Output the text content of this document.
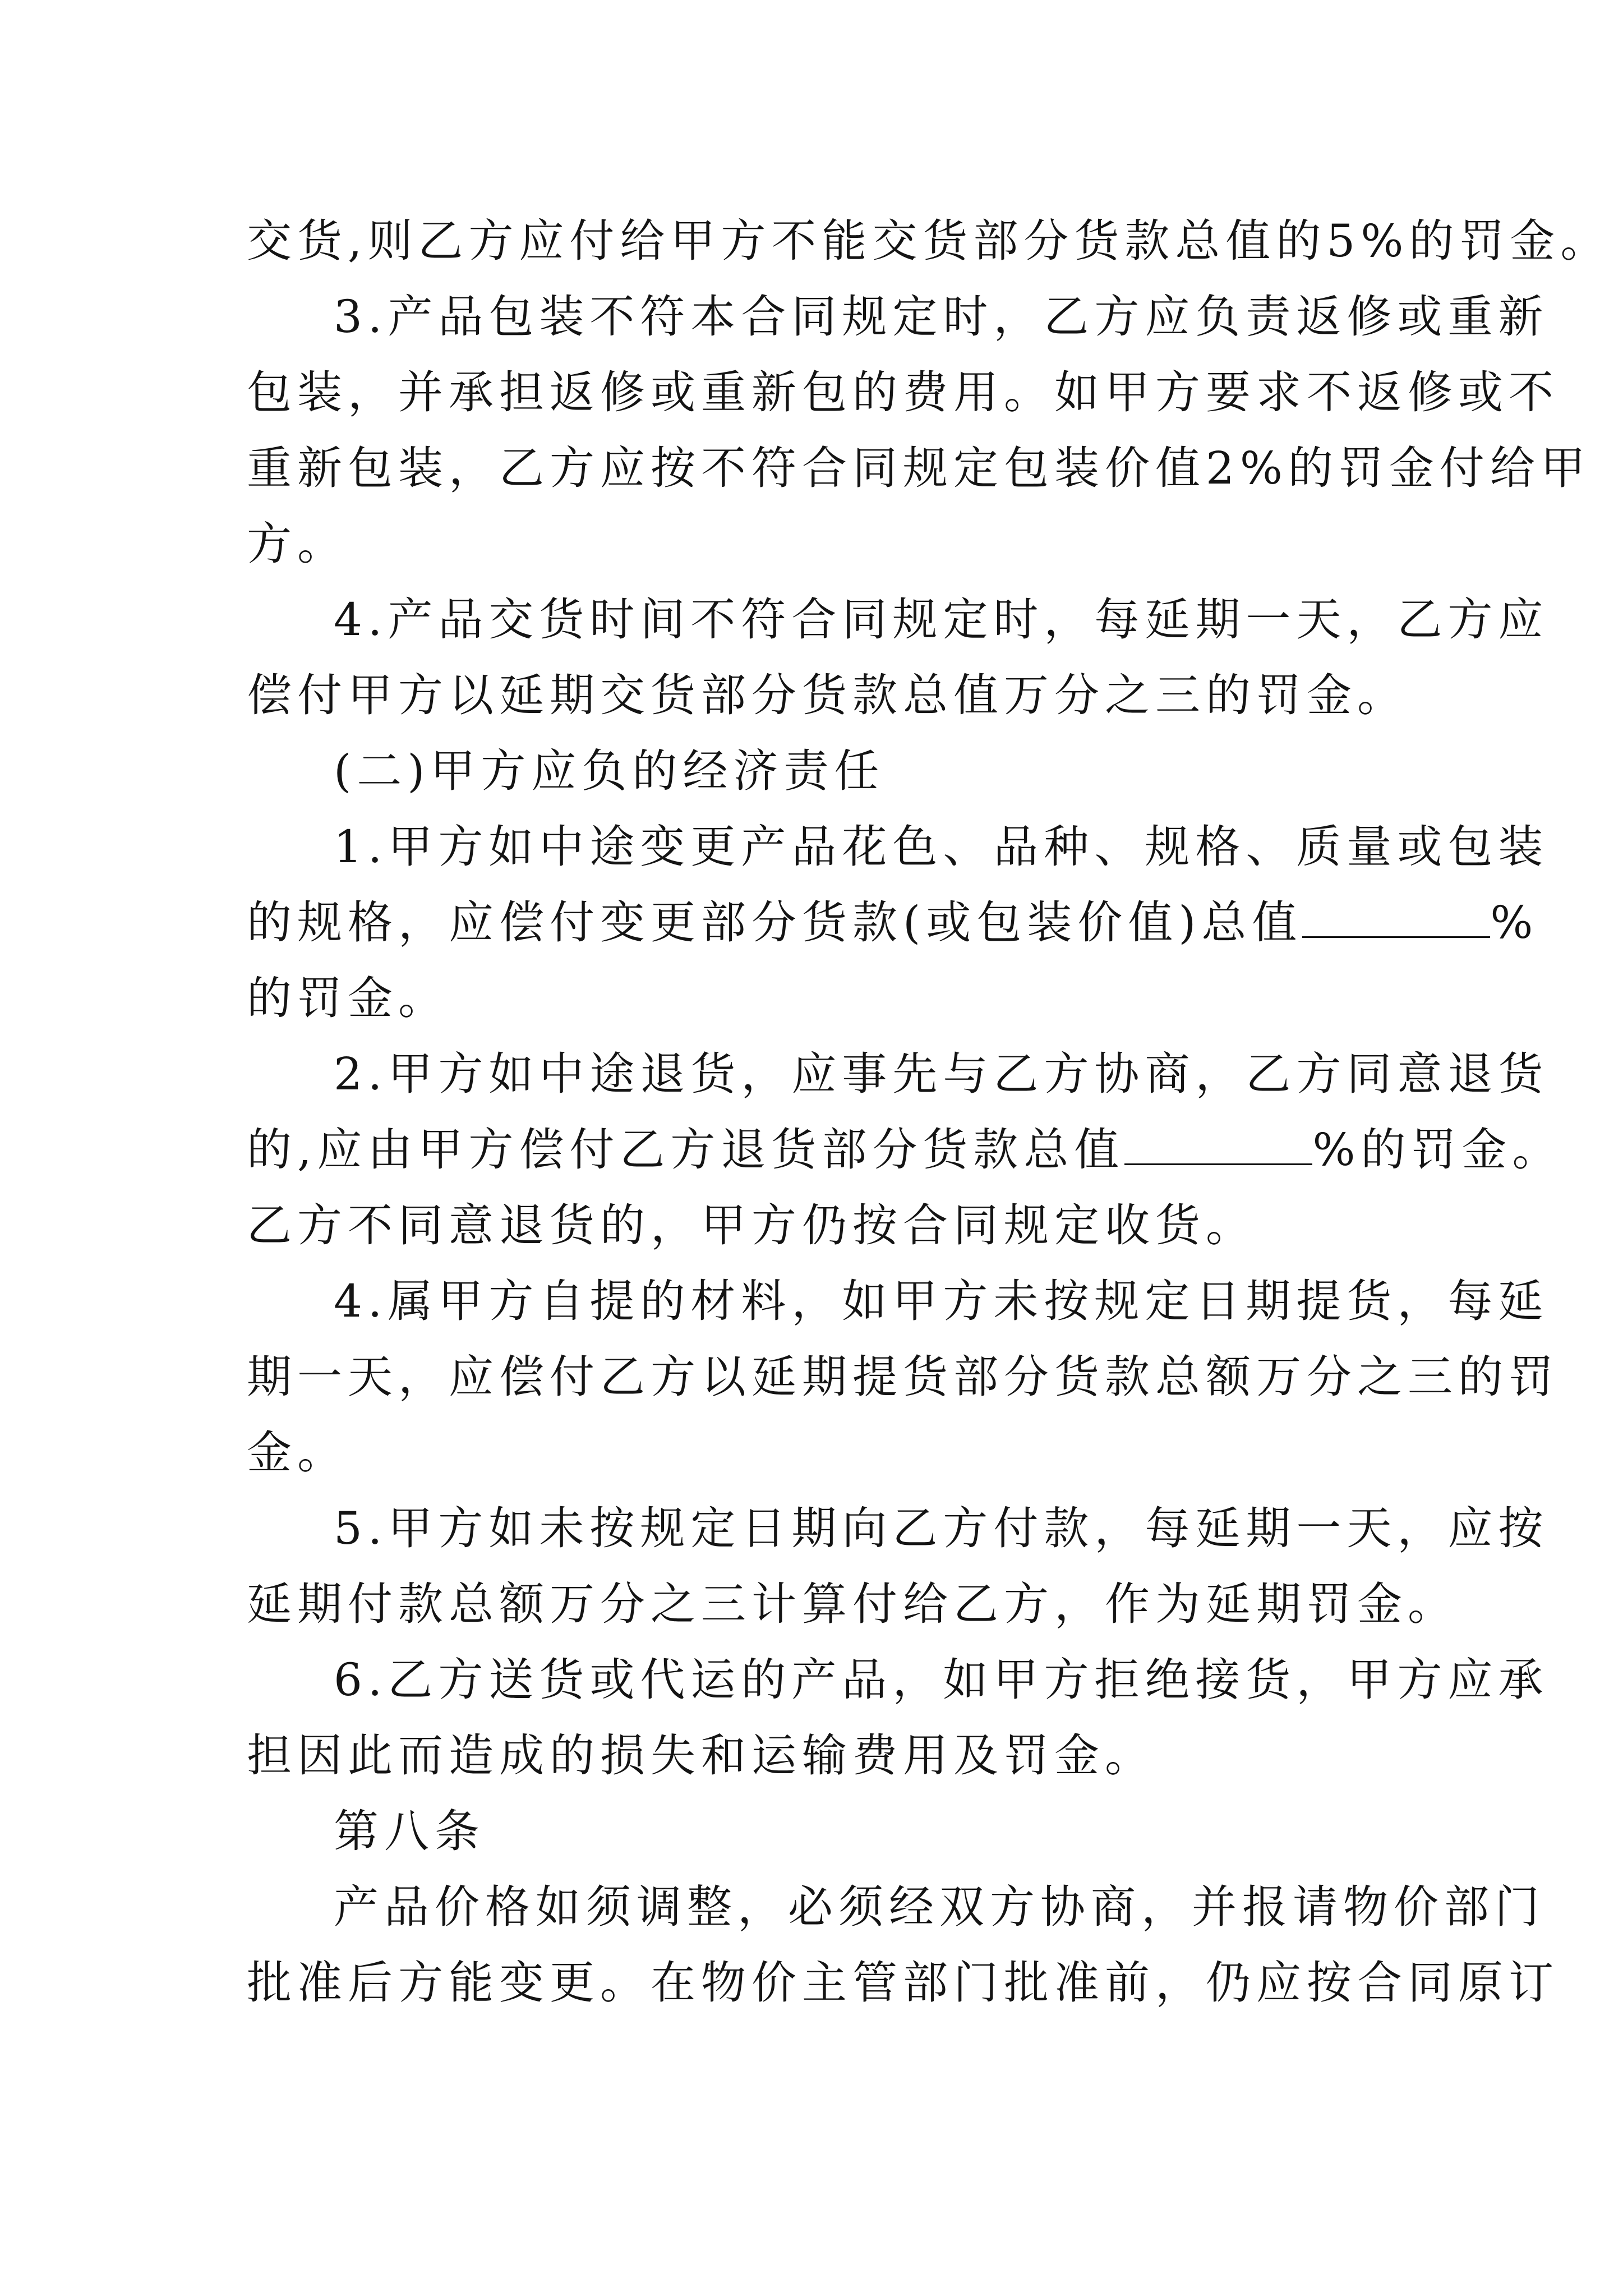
交货,则乙方应付给甲方不能交货部分货款总值的5%的罚金。
3.产品包装不符本合同规定时，乙方应负责返修或重新
包装，并承担返修或重新包的费用。如甲方要求不返修或不
重新包装，乙方应按不符合同规定包装价值2%的罚金付给甲
方。
4.产品交货时间不符合同规定时，每延期一天，乙方应
偿付甲方以延期交货部分货款总值万分之三的罚金。
(二)甲方应负的经济责任
1.甲方如中途变更产品花色、品种、规格、质量或包装
的规格，应偿付变更部分货款(或包装价值)总值	%
的罚金。
2.甲方如中途退货，应事先与乙方协商，乙方同意退货
的,应由甲方偿付乙方退货部分货款总值	%的罚金。
乙方不同意退货的，甲方仍按合同规定收货。
4.属甲方自提的材料，如甲方未按规定日期提货，每延
期一天，应偿付乙方以延期提货部分货款总额万分之三的罚
金。
5.甲方如未按规定日期向乙方付款，每延期一天，应按
延期付款总额万分之三计算付给乙方，作为延期罚金。
6.乙方送货或代运的产品，如甲方拒绝接货，甲方应承
担因此而造成的损失和运输费用及罚金。
第八条
产品价格如须调整，必须经双方协商，并报请物价部门
批准后方能变更。在物价主管部门批准前，仍应按合同原订
